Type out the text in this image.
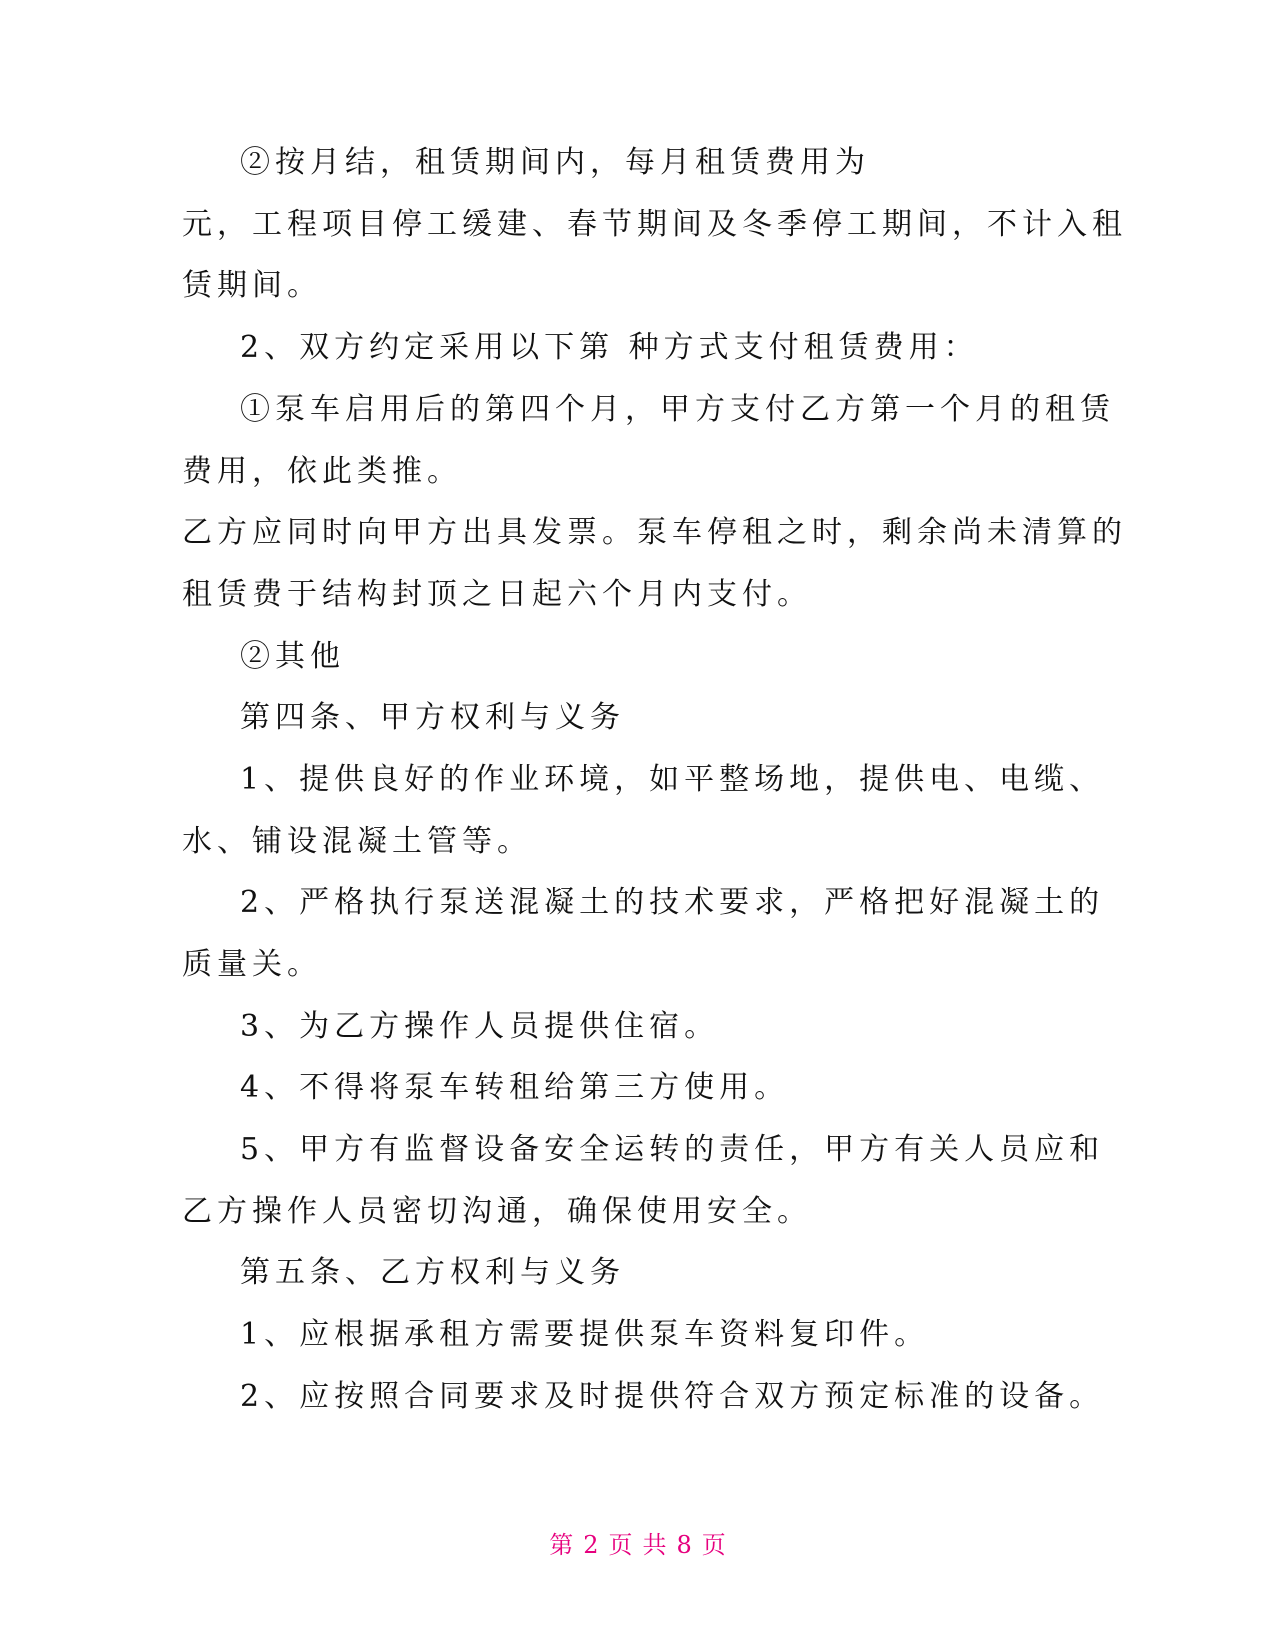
②按月结，租赁期间内，每月租赁费用为
元，工程项目停工缓建、春节期间及冬季停工期间，不计入租
赁期间。
2、双方约定采用以下第 种方式支付租赁费用：
①泵车启用后的第四个月，甲方支付乙方第一个月的租赁
费用，依此类推。
乙方应同时向甲方出具发票。泵车停租之时，剩余尚未清算的
租赁费于结构封顶之日起六个月内支付。
②其他
第四条、甲方权利与义务
1、提供良好的作业环境，如平整场地，提供电、电缆、
水、铺设混凝土管等。
2、严格执行泵送混凝土的技术要求，严格把好混凝土的
质量关。
3、为乙方操作人员提供住宿。
4、不得将泵车转租给第三方使用。
5、甲方有监督设备安全运转的责任，甲方有关人员应和
乙方操作人员密切沟通，确保使用安全。
第五条、乙方权利与义务
1、应根据承租方需要提供泵车资料复印件。
2、应按照合同要求及时提供符合双方预定标准的设备。
第 2 页 共 8 页
